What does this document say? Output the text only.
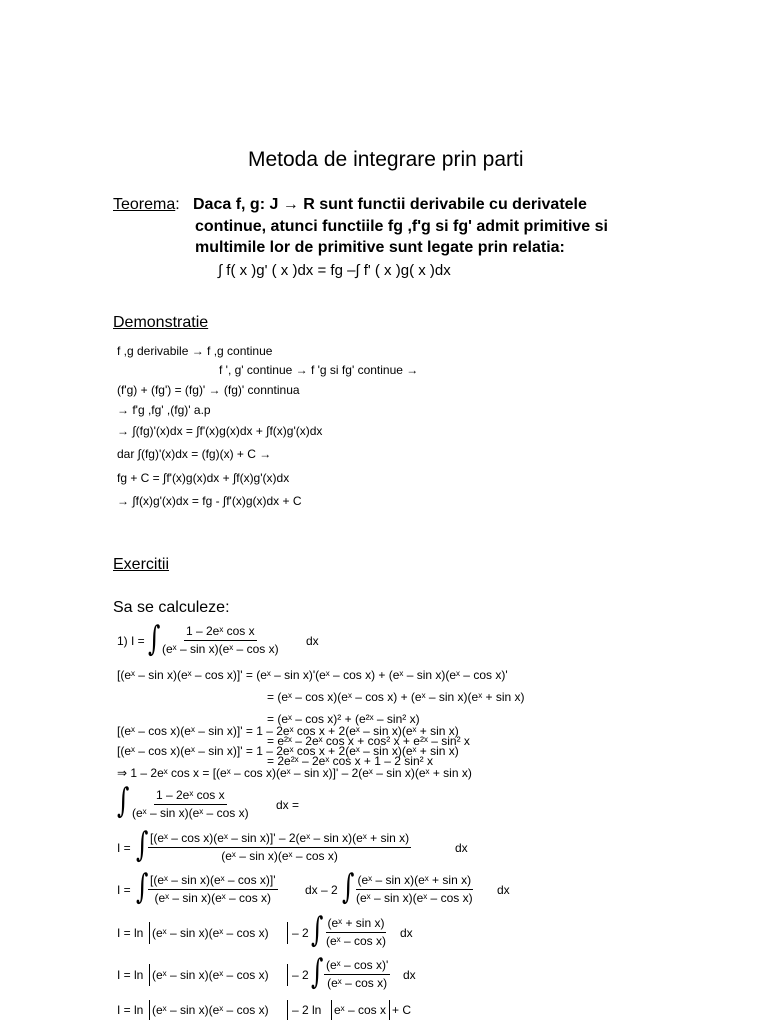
Metoda de integrare prin parti
Teorema: Daca f, g: J → R sunt functii derivabile cu derivatele
continue, atunci functiile fg ,f'g si fg' admit primitive si
multimile lor de primitive sunt legate prin relatia:
∫ f( x )g' ( x )dx = fg –∫ f' ( x )g( x )dx
Demonstratie
f ,g derivabile → f ,g continue
f ', g' continue → f 'g si fg' continue →
(f'g) + (fg') = (fg)' → (fg)' conntinua
→ f'g ,fg' ,(fg)' a.p
→ ∫(fg)'(x)dx = ∫f'(x)g(x)dx + ∫f(x)g'(x)dx
dar ∫(fg)'(x)dx = (fg)(x) + C →
fg + C = ∫f'(x)g(x)dx + ∫f(x)g'(x)dx
→ ∫f(x)g'(x)dx = fg - ∫f'(x)g(x)dx + C
Exercitii
Sa se calculeze:
1) I = ∫ $\frac{\text{1 – 2eˣ cos x}}{\text{(eˣ – sin x)(eˣ – cos x)}}$ dx
[(eˣ – sin x)(eˣ – cos x)]' = (eˣ – sin x)'(eˣ – cos x) + (eˣ – sin x)(eˣ – cos x)'
= (eˣ – cos x)(eˣ – cos x) + (eˣ – sin x)(eˣ + sin x)
= (eˣ – cos x)² + (e²ˣ – sin² x)
[(eˣ – cos x)(eˣ – sin x)]' = 1 – 2eˣ cos x + 2(eˣ – sin x)(eˣ + sin x)
= e²ˣ – 2eˣ cos x + cos² x + e²ˣ – sin² x
[(eˣ – cos x)(eˣ – sin x)]' = 1 – 2eˣ cos x + 2(eˣ – sin x)(eˣ + sin x)
= 2e²ˣ – 2eˣ cos x + 1 – 2 sin² x
⇒ 1 – 2eˣ cos x = [(eˣ – cos x)(eˣ – sin x)]' – 2(eˣ – sin x)(eˣ + sin x)
∫ $\frac{\text{1 – 2eˣ cos x}}{\text{(eˣ – sin x)(eˣ – cos x)}}$ dx =
I = ∫ $\frac{\text{[(eˣ – cos x)(eˣ – sin x)]' – 2(eˣ – sin x)(eˣ + sin x)}}{\text{(eˣ – sin x)(eˣ – cos x)}}$	dx
I = ∫ $\frac{\text{[(eˣ – sin x)(eˣ – cos x)]'}}{\text{(eˣ – sin x)(eˣ – cos x)}}$ dx – 2 ∫ $\frac{\text{(eˣ – sin x)(eˣ + sin x)}}{\text{(eˣ – sin x)(eˣ – cos x)}}$ dx
I = ln (eˣ – sin x)(eˣ – cos x) – 2 ∫ $\frac{\text{(eˣ + sin x)}}{\text{(eˣ – cos x)}}$ dx
I = ln (eˣ – sin x)(eˣ – cos x) – 2 ∫ $\frac{\text{(eˣ – cos x)'}}{\text{(eˣ – cos x)}}$ dx
I = ln (eˣ – sin x)(eˣ – cos x) – 2 ln eˣ – cos x + C
